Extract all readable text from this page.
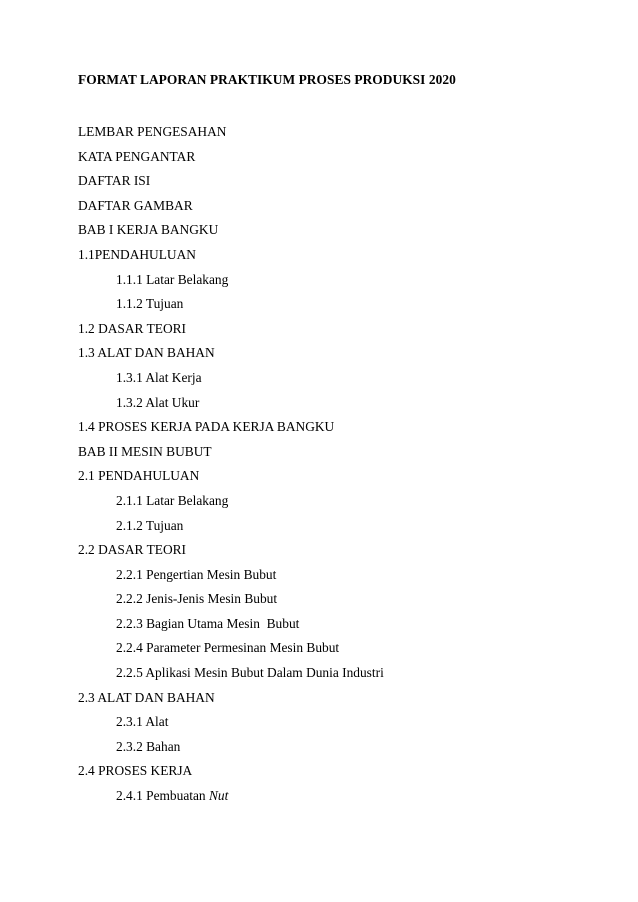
FORMAT LAPORAN PRAKTIKUM PROSES PRODUKSI 2020

LEMBAR PENGESAHAN
KATA PENGANTAR
DAFTAR ISI
DAFTAR GAMBAR
BAB I KERJA BANGKU
1.1PENDAHULUAN
1.1.1 Latar Belakang
1.1.2 Tujuan
1.2 DASAR TEORI
1.3 ALAT DAN BAHAN
1.3.1 Alat Kerja
1.3.2 Alat Ukur
1.4 PROSES KERJA PADA KERJA BANGKU
BAB II MESIN BUBUT
2.1 PENDAHULUAN
2.1.1 Latar Belakang
2.1.2 Tujuan
2.2 DASAR TEORI
2.2.1 Pengertian Mesin Bubut
2.2.2 Jenis-Jenis Mesin Bubut
2.2.3 Bagian Utama Mesin  Bubut
2.2.4 Parameter Permesinan Mesin Bubut
2.2.5 Aplikasi Mesin Bubut Dalam Dunia Industri
2.3 ALAT DAN BAHAN
2.3.1 Alat
2.3.2 Bahan
2.4 PROSES KERJA
2.4.1 Pembuatan Nut
